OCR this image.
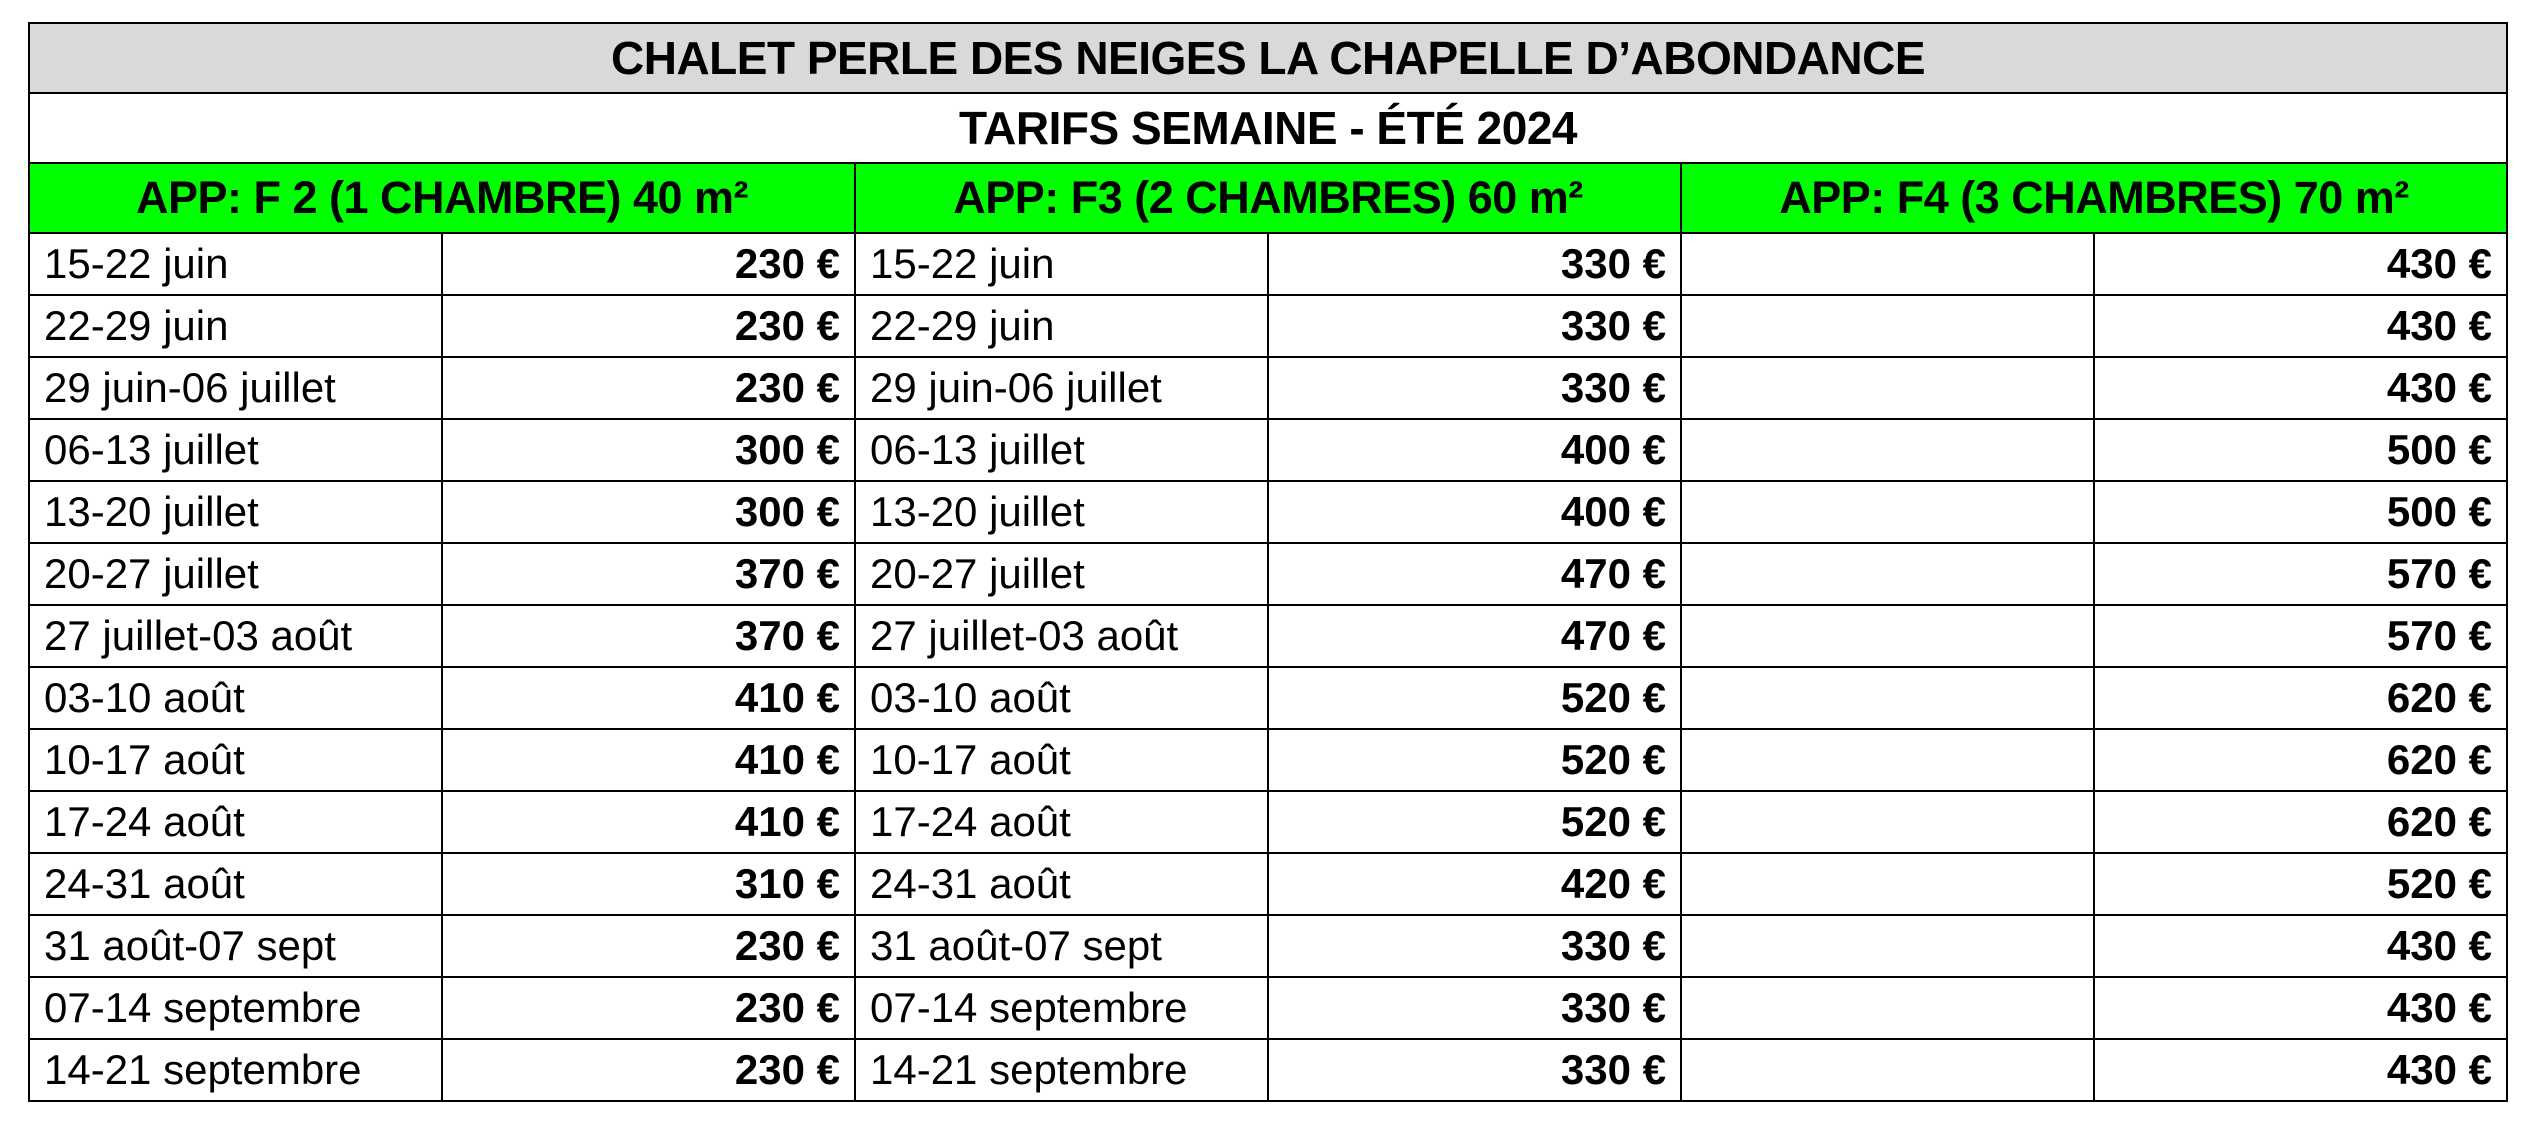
CHALET PERLE DES NEIGES LA CHAPELLE D’ABONDANCE					
TARIFS SEMAINE - ÉTÉ 2024					
APP: F 2 (1 CHAMBRE) 40 m²		APP: F3 (2 CHAMBRES) 60 m²		APP: F4 (3 CHAMBRES) 70 m²	
15-22 juin	230 €	15-22 juin	330 €		430 €
22-29 juin	230 €	22-29 juin	330 €		430 €
29 juin-06 juillet	230 €	29 juin-06 juillet	330 €		430 €
06-13 juillet	300 €	06-13 juillet	400 €		500 €
13-20 juillet	300 €	13-20 juillet	400 €		500 €
20-27 juillet	370 €	20-27 juillet	470 €		570 €
27 juillet-03 août	370 €	27 juillet-03 août	470 €		570 €
03-10 août	410 €	03-10 août	520 €		620 €
10-17 août	410 €	10-17 août	520 €		620 €
17-24 août	410 €	17-24 août	520 €		620 €
24-31 août	310 €	24-31 août	420 €		520 €
31 août-07 sept	230 €	31 août-07 sept	330 €		430 €
07-14 septembre	230 €	07-14 septembre	330 €		430 €
14-21 septembre	230 €	14-21 septembre	330 €		430 €
